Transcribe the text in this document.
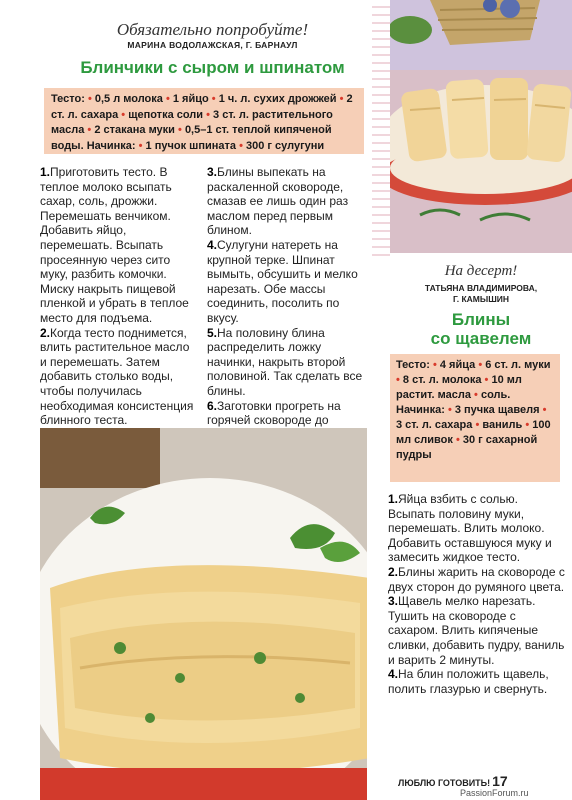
Обязательно попробуйте!
МАРИНА ВОДОЛАЖСКАЯ, Г. БАРНАУЛ
Блинчики с сыром и шпинатом
Тесто: • 0,5 л молока • 1 яйцо • 1 ч. л. сухих дрожжей • 2 ст. л. сахара • щепотка соли • 3 ст. л. растительного масла • 2 стакана муки • 0,5–1 ст. теплой кипяченой воды. Начинка: • 1 пучок шпината • 300 г сулугуни

1.Приготовить тесто. В теплое молоко всыпать сахар, соль, дрожжи. Перемешать венчиком. Добавить яйцо, перемешать. Всыпать просеянную через сито муку, разбить комочки. Миску накрыть пищевой пленкой и убрать в теплое место для подъема.

2.Когда тесто поднимется, влить растительное масло и перемешать. Затем добавить столько воды, чтобы получилась необходимая консистенция блинного теста.

3.Блины выпекать на раскаленной сковороде, смазав ее лишь один раз маслом перед первым блином.

4.Сулугуни натереть на крупной терке. Шпинат вымыть, обсушить и мелко нарезать. Обе массы соединить, посолить по вкусу.

5.На половину блина распределить ложку начинки, накрыть второй половиной. Так сделать все блины.

6.Заготовки прогреть на горячей сковороде до

На десерт!
ТАТЬЯНА ВЛАДИМИРОВА,
Г. КАМЫШИН
Блины
со щавелем
Тесто: • 4 яйца • 6 ст. л. муки • 8 ст. л. молока • 10 мл растит. масла • соль. Начинка: • 3 пучка щавеля • 3 ст. л. сахара • ваниль • 100 мл сливок • 30 г сахарной пудры

1.Яйца взбить с солью. Всыпать половину муки, перемешать. Влить молоко. Добавить оставшуюся муку и замесить жидкое тесто.

2.Блины жарить на сковороде с двух сторон до румяного цвета.

3.Щавель мелко нарезать. Тушить на сковороде с сахаром. Влить кипяченые сливки, добавить пудру, ваниль и варить 2 минуты.

4.На блин положить щавель, полить глазурью и свернуть.

ЛЮБЛЮ ГОТОВИТЬ! 17
PassionForum.ru
